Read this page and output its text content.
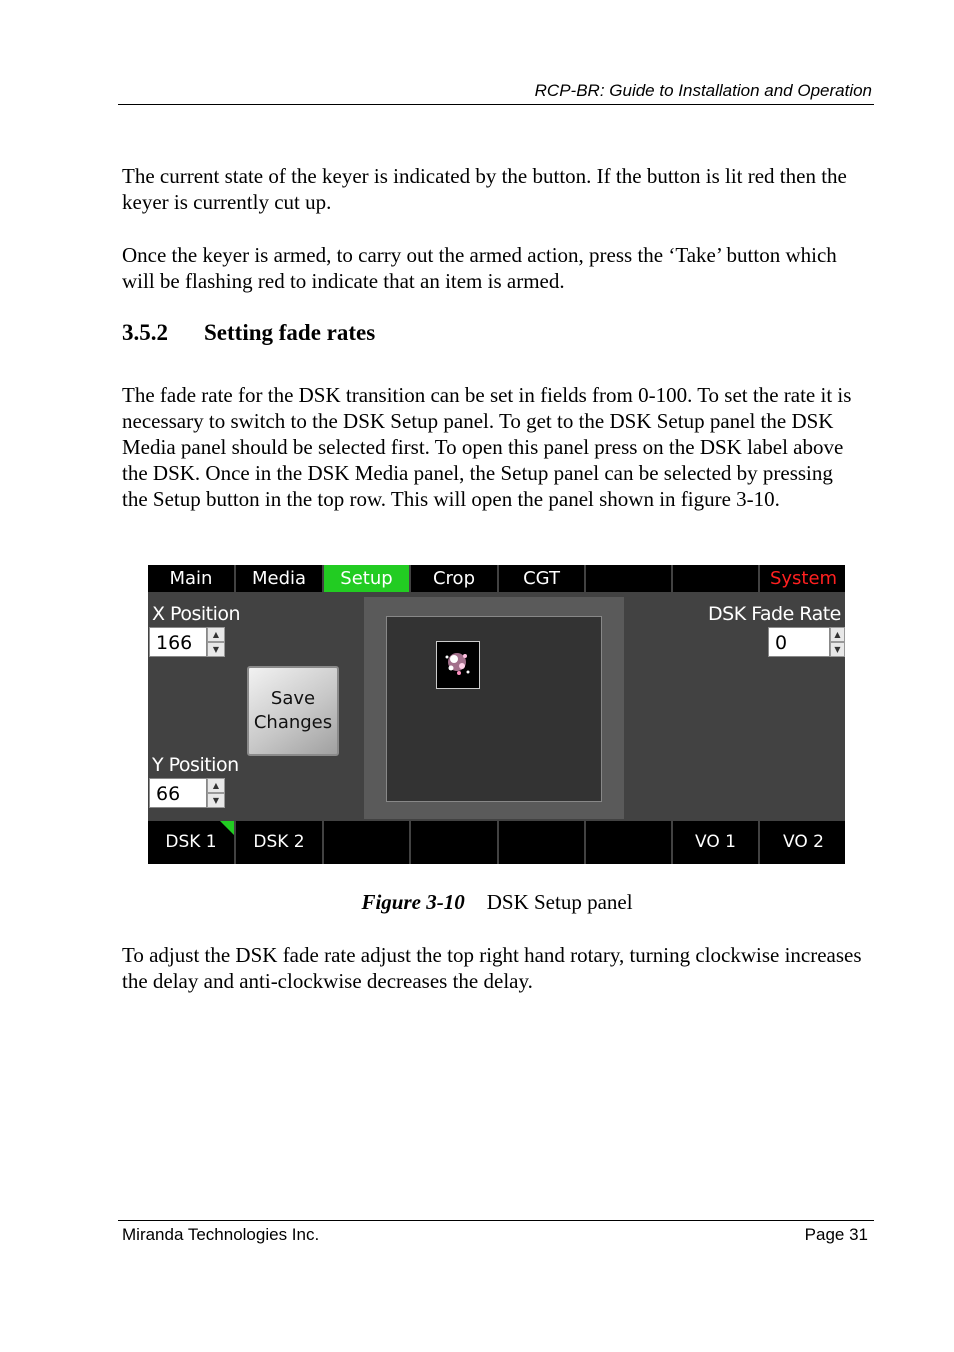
RCP-BR: Guide to Installation and Operation

The current state of the keyer is indicated by the button. If the button is lit red then the keyer is currently cut up.

Once the keyer is armed, to carry out the armed action, press the ‘Take’ button which will be flashing red to indicate that an item is armed.

3.5.2 Setting fade rates

The fade rate for the DSK transition can be set in fields from 0-100. To set the rate it is necessary to switch to the DSK Setup panel. To get to the DSK Setup panel the DSK Media panel should be selected first. To open this panel press on the DSK label above the DSK. Once in the DSK Media panel, the Setup panel can be selected by pressing the Setup button in the top row. This will open the panel shown in figure 3-10.

Main	Media	Setup	Crop	CGT	System
X Position
166	▲
▼
Save
Changes
Y Position
66	▲
▼
DSK Fade Rate
0	▲
▼
DSK 1	DSK 2	VO 1	VO 2
Figure 3-10 DSK Setup panel

To adjust the DSK fade rate adjust the top right hand rotary, turning clockwise increases the delay and anti-clockwise decreases the delay.

Miranda Technologies Inc.	Page 31
